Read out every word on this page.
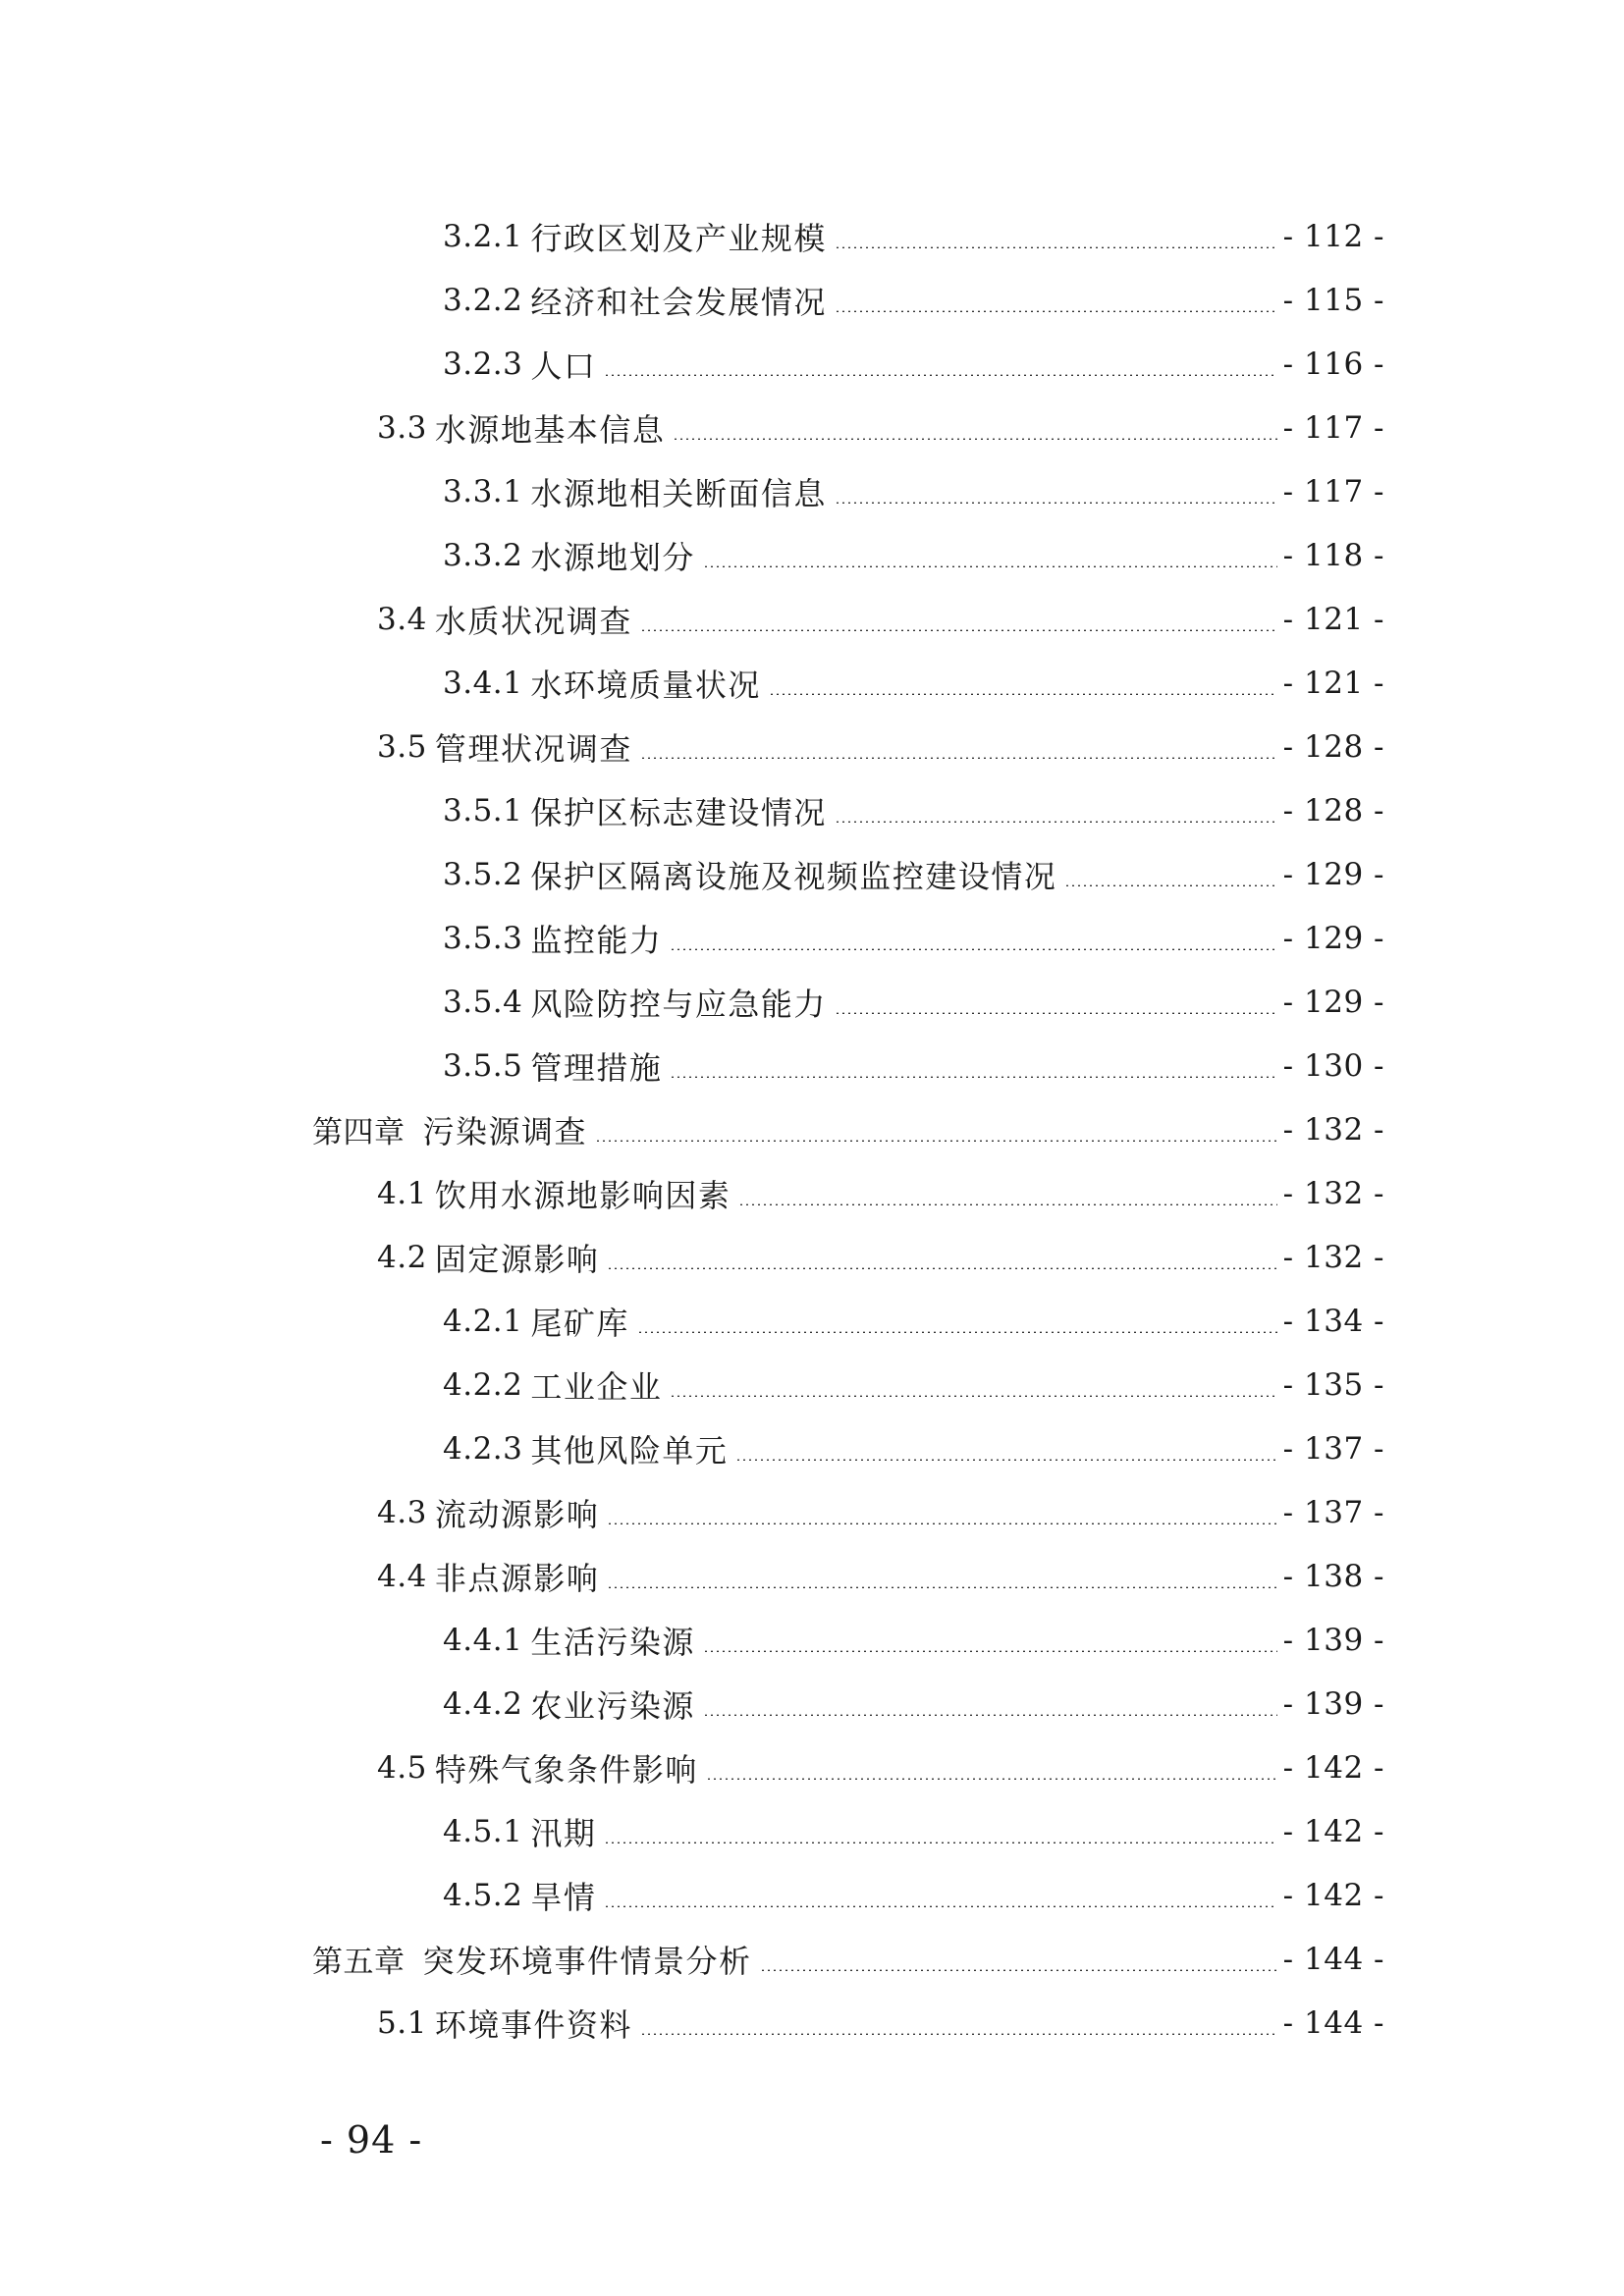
3.2.1 行政区划及产业规模	- 112 -
3.2.2 经济和社会发展情况	- 115 -
3.2.3 人口	- 116 -
3.3 水源地基本信息	- 117 -
3.3.1 水源地相关断面信息	- 117 -
3.3.2 水源地划分	- 118 -
3.4 水质状况调查	- 121 -
3.4.1 水环境质量状况	- 121 -
3.5 管理状况调查	- 128 -
3.5.1 保护区标志建设情况	- 128 -
3.5.2 保护区隔离设施及视频监控建设情况	- 129 -
3.5.3 监控能力	- 129 -
3.5.4 风险防控与应急能力	- 129 -
3.5.5 管理措施	- 130 -
第四章 污染源调查	- 132 -
4.1 饮用水源地影响因素	- 132 -
4.2 固定源影响	- 132 -
4.2.1 尾矿库	- 134 -
4.2.2 工业企业	- 135 -
4.2.3 其他风险单元	- 137 -
4.3 流动源影响	- 137 -
4.4 非点源影响	- 138 -
4.4.1 生活污染源	- 139 -
4.4.2 农业污染源	- 139 -
4.5 特殊气象条件影响	- 142 -
4.5.1 汛期	- 142 -
4.5.2 旱情	- 142 -
第五章 突发环境事件情景分析	- 144 -
5.1 环境事件资料	- 144 -
- 94 -
